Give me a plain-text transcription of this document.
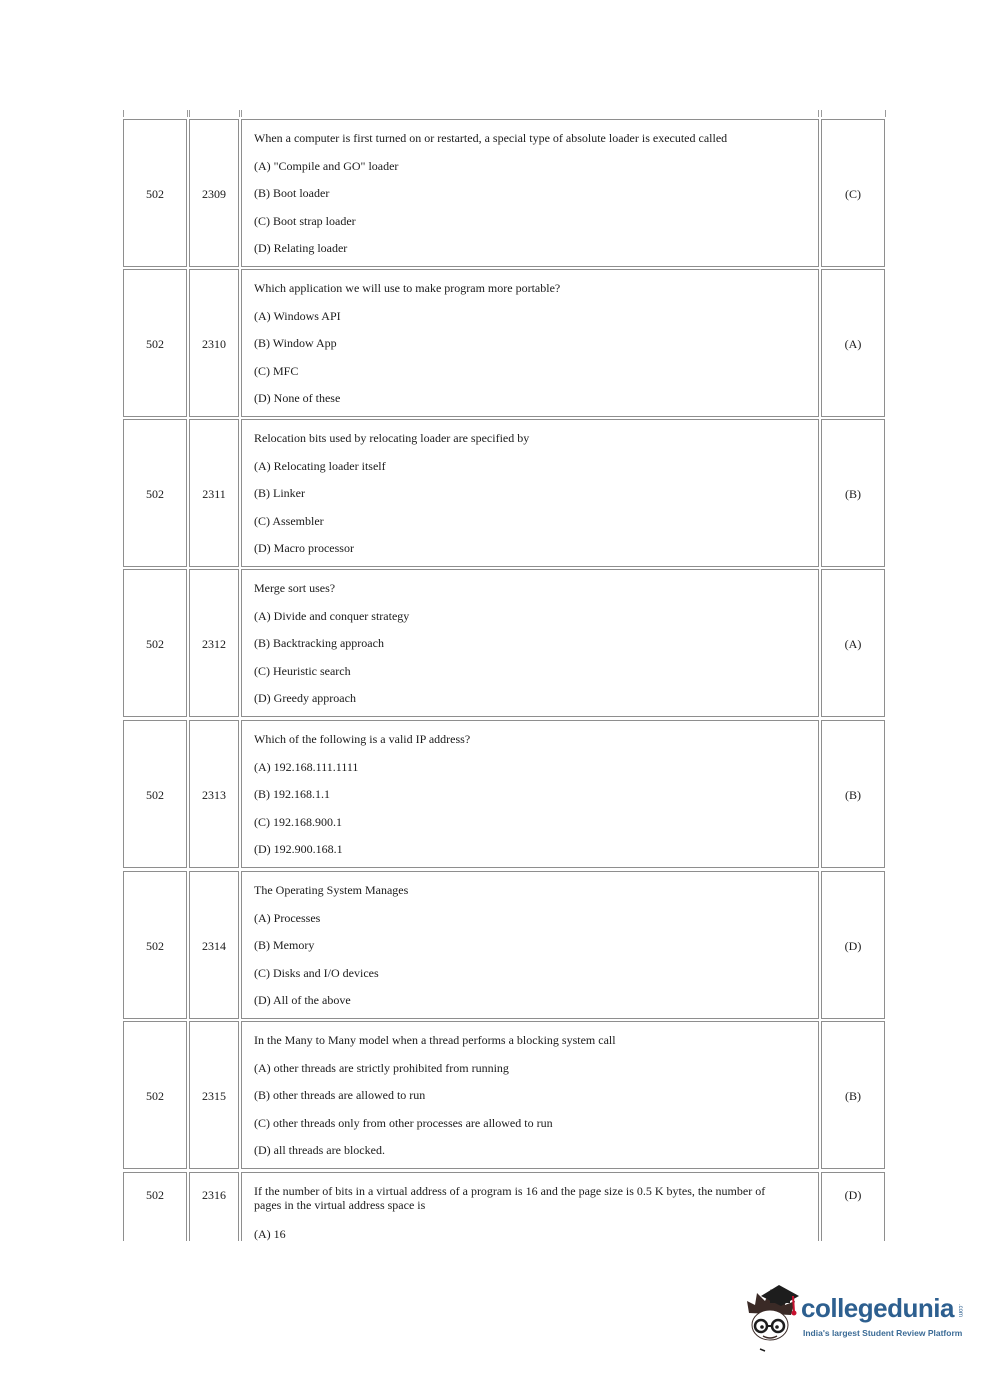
502	2309
When a computer is first turned on or restarted, a special type of absolute loader is executed called
(A) "Compile and GO" loader
(B) Boot loader
(C) Boot strap loader
(D) Relating loader
(C)
502	2310
Which application we will use to make program more portable?
(A) Windows API
(B) Window App
(C) MFC
(D) None of these
(A)
502	2311
Relocation bits used by relocating loader are specified by
(A) Relocating loader itself
(B) Linker
(C) Assembler
(D) Macro processor
(B)
502	2312
Merge sort uses?
(A) Divide and conquer strategy
(B) Backtracking approach
(C) Heuristic search
(D) Greedy approach
(A)
502	2313
Which of the following is a valid IP address?
(A) 192.168.111.1111
(B) 192.168.1.1
(C) 192.168.900.1
(D) 192.900.168.1
(B)
502	2314
The Operating System Manages
(A) Processes
(B) Memory
(C) Disks and I/O devices
(D) All of the above
(D)
502	2315
In the Many to Many model when a thread performs a blocking system call
(A) other threads are strictly prohibited from running
(B) other threads are allowed to run
(C) other threads only from other processes are allowed to run
(D) all threads are blocked.
(B)
502	2316	If the number of bits in a virtual address of a program is 16 and the page size is 0.5 K bytes, the number of pages in the virtual address space is
(A) 16
(D)
collegedunia .com
India's largest Student Review Platform
